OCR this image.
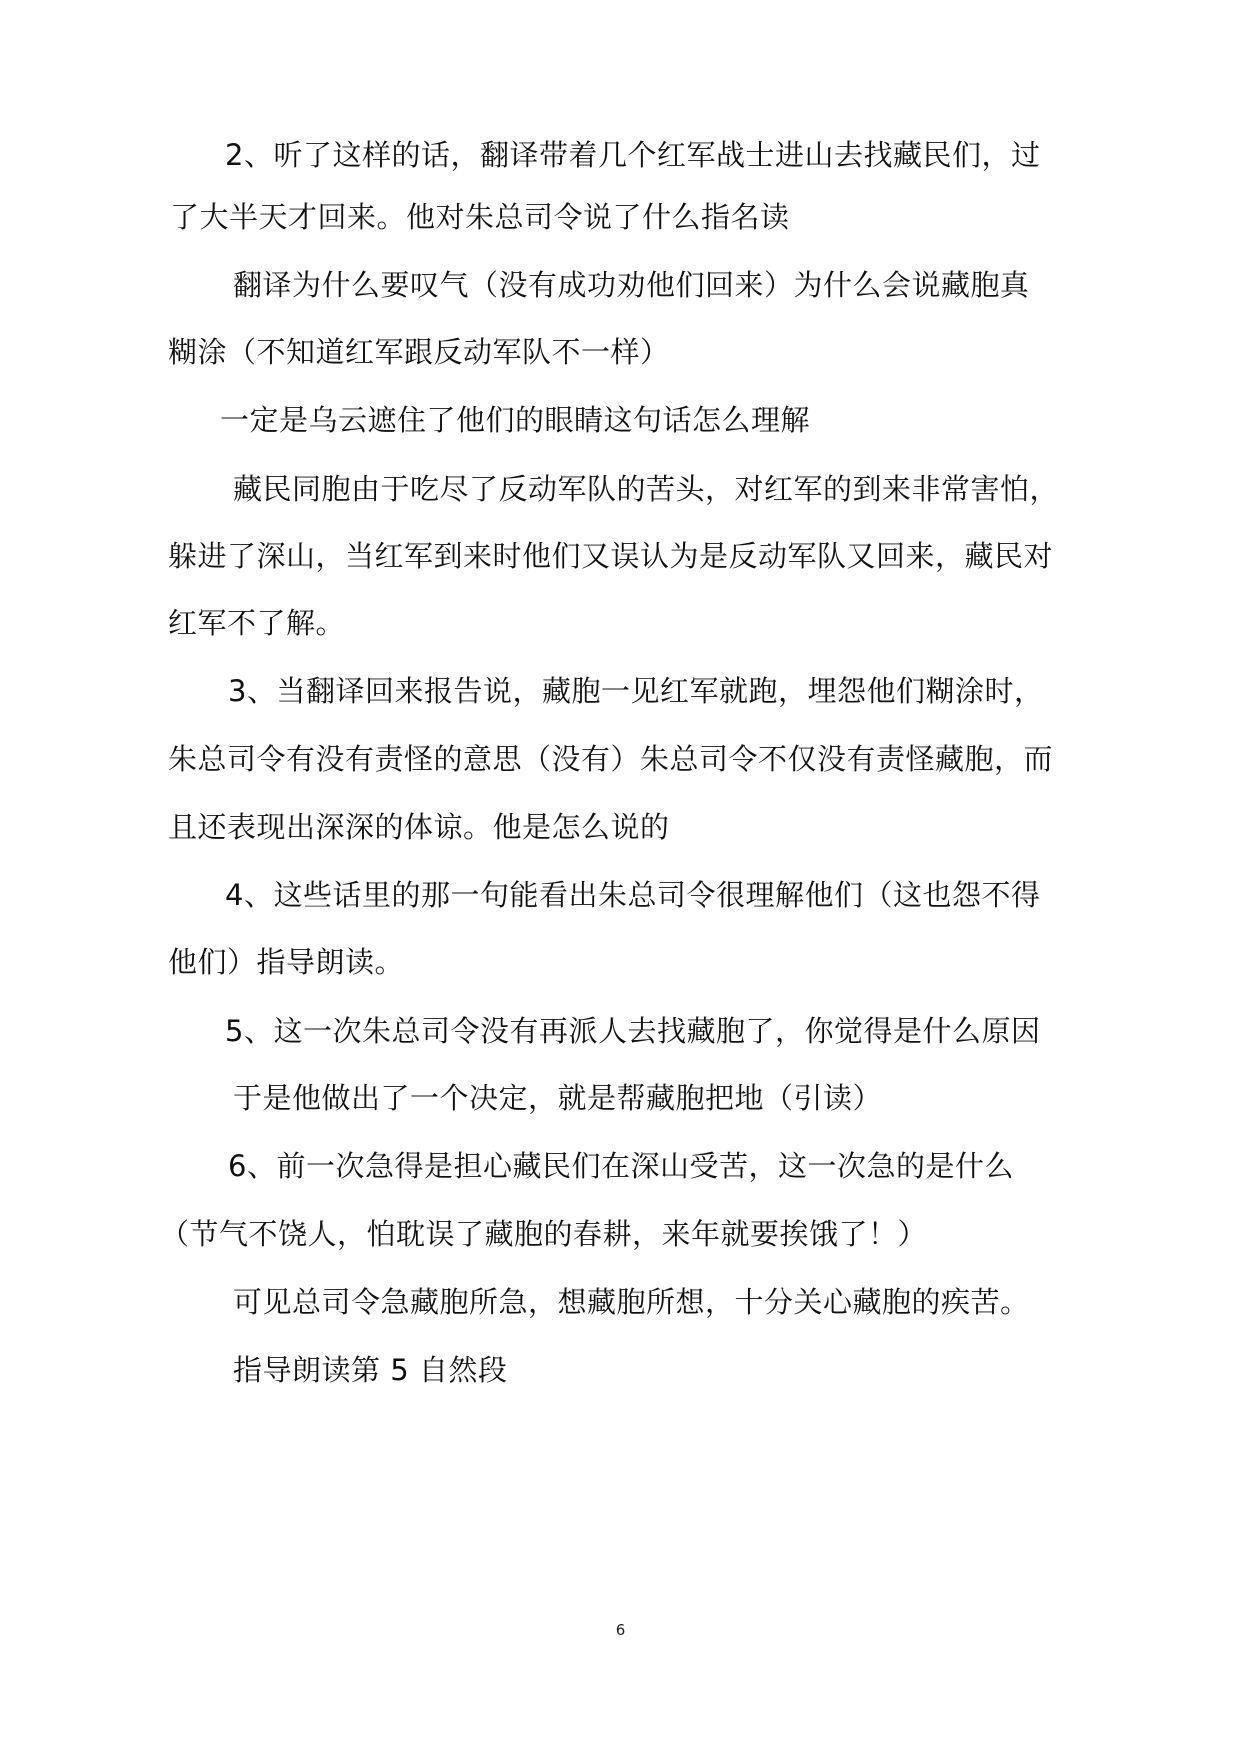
2、听了这样的话，翻译带着几个红军战士进山去找藏民们，过
了大半天才回来。他对朱总司令说了什么指名读
翻译为什么要叹气（没有成功劝他们回来）为什么会说藏胞真
糊涂（不知道红军跟反动军队不一样）
一定是乌云遮住了他们的眼睛这句话怎么理解
藏民同胞由于吃尽了反动军队的苦头，对红军的到来非常害怕，
躲进了深山，当红军到来时他们又误认为是反动军队又回来，藏民对
红军不了解。
3、当翻译回来报告说，藏胞一见红军就跑，埋怨他们糊涂时，
朱总司令有没有责怪的意思（没有）朱总司令不仅没有责怪藏胞，而
且还表现出深深的体谅。他是怎么说的
4、这些话里的那一句能看出朱总司令很理解他们（这也怨不得
他们）指导朗读。
5、这一次朱总司令没有再派人去找藏胞了，你觉得是什么原因
于是他做出了一个决定，就是帮藏胞把地（引读）
6、前一次急得是担心藏民们在深山受苦，这一次急的是什么
（节气不饶人，怕耽误了藏胞的春耕，来年就要挨饿了！）
可见总司令急藏胞所急，想藏胞所想，十分关心藏胞的疾苦。
指导朗读第 5 自然段
6
